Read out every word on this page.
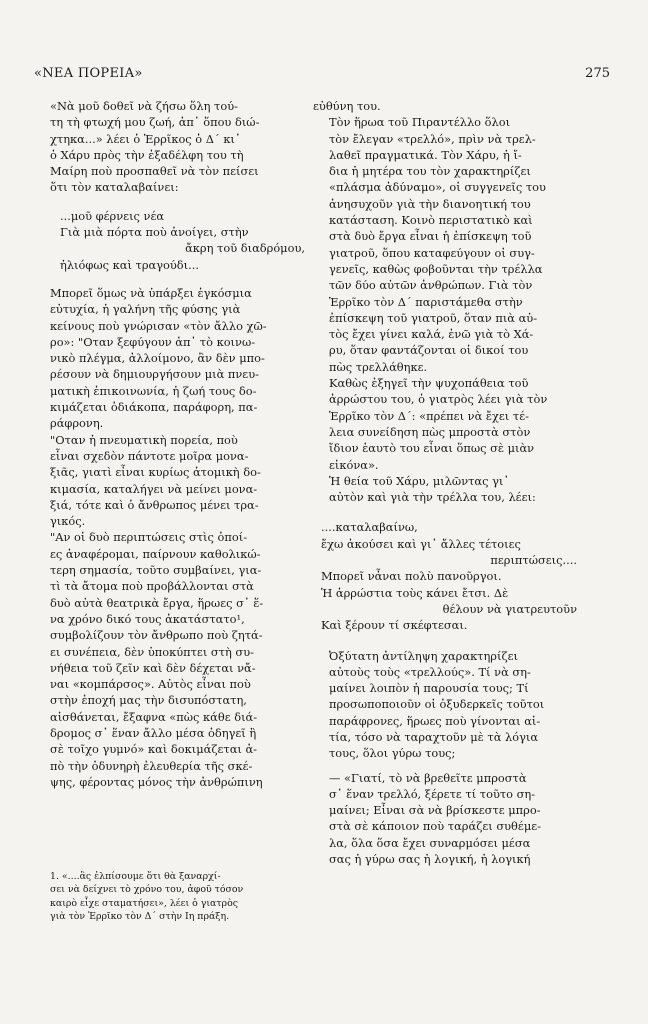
«ΝΕΑ ΠΟΡΕΙΑ»	275

«Νὰ μοῦ δοθεῖ νὰ ζήσω ὅλη τού-
τη τὴ φτωχή μου ζωή, ἀπ᾿ ὅπου διώ-
χτηκα...» λέει ὁ Ἑρρῖκος ὁ Δ΄ κι᾿
ὁ Χάρυ πρὸς τὴν ἐξαδέλφη του τὴ
Μαίρη ποὺ προσπαθεῖ νὰ τὸν πείσει
ὅτι τὸν καταλαβαίνει:

...μοῦ φέρνεις νέα
Γιὰ μιὰ πόρτα ποὺ ἀνοίγει, στὴν
ἄκρη τοῦ διαδρόμου,
ἠλιόφως καὶ τραγούδι...

Μπορεῖ ὅμως νὰ ὑπάρξει ἐγκόσμια
εὐτυχία, ἡ γαλήνη τῆς φύσης γιὰ
κείνους ποὺ γνώρισαν «τὸν ἄλλο χῶ-
ρο»: "Οταν ξεφύγουν ἀπ᾿ τὸ κοινω-
νικὸ πλέγμα, ἀλλοίμονο, ἂν δὲν μπο-
ρέσουν νὰ δημιουργήσουν μιὰ πνευ-
ματικὴ ἐπικοινωνία, ἡ ζωή τους δο-
κιμάζεται ὁδιάκοπα, παράφορη, πα-
ράφρονη.

"Οταν ἡ πνευματικὴ πορεία, ποὺ
εἶναι σχεδὸν πάντοτε μοῖρα μονα-
ξιᾶς, γιατὶ εἶναι κυρίως ἀτομικὴ δο-
κιμασία, καταλήγει νὰ μείνει μονα-
ξιά, τότε καὶ ὁ ἄνθρωπος μένει τρα-
γικός.

"Αν οἱ δυὸ περιπτώσεις στὶς ὁποί-
ες ἀναφέρομαι, παίρνουν καθολικώ-
τερη σημασία, τοῦτο συμβαίνει, για-
τὶ τὰ ἄτομα ποὺ προβάλλονται στὰ
δυὸ αὐτὰ θεατρικὰ ἔργα, ἥρωες σ᾿ ἕ-
να χρόνο δικό τους ἀκατάστατο¹,
συμβολίζουν τὸν ἄνθρωπο ποὺ ζητά-
ει συνέπεια, δὲν ὑποκύπτει στὴ συ-
νήθεια τοῦ ζεῖν καὶ δὲν δέχεται νἄ-
ναι «κομπάρσος». Αὐτὸς εἶναι ποὺ
στὴν ἐποχή μας τὴν δισυπόστατη,
αἰσθάνεται, ἔξαφνα «πὼς κάθε διά-
δρομος σ᾿ ἕναν ἄλλο μέσα ὁδηγεῖ ἢ
σὲ τοῖχο γυμνό» καὶ δοκιμάζεται ἀ-
πὸ τὴν ὀδυνηρὴ ἐλευθερία τῆς σκέ-
ψης, φέροντας μόνος τὴν ἀνθρώπινη

εὐθύνη του.

Τὸν ἥρωα τοῦ Πιραντέλλο ὅλοι
τὸν ἔλεγαν «τρελλό», πρὶν νὰ τρελ-
λαθεῖ πραγματικά. Τὸν Χάρυ, ἡ ἴ-
δια ἡ μητέρα του τὸν χαρακτηρίζει
«πλάσμα ἀδύναμο», οἱ συγγενεῖς του
ἀνησυχοῦν γιὰ τὴν διανοητική του
κατάσταση. Κοινὸ περιστατικὸ καὶ
στὰ δυὸ ἔργα εἶναι ἡ ἐπίσκεψη τοῦ
γιατροῦ, ὅπου καταφεύγουν οἱ συγ-
γενεῖς, καθὼς φοβοῦνται τὴν τρέλλα
τῶν δύο αὐτῶν ἀνθρώπων. Γιὰ τὸν
Ἑρρῖκο τὸν Δ΄ παριστάμεθα στὴν
ἐπίσκεψη τοῦ γιατροῦ, ὅταν πιὰ αὐ-
τὸς ἔχει γίνει καλά, ἐνῶ γιὰ τὸ Χά-
ρυ, ὅταν φαντάζονται οἱ δικοί του
πὼς τρελλάθηκε.

Καθὼς ἐξηγεῖ τὴν ψυχοπάθεια τοῦ
ἀρρώστου του, ὁ γιατρὸς λέει γιὰ τὸν
Ἑρρῖκο τὸν Δ΄: «πρέπει νὰ ἔχει τέ-
λεια συνείδηση πὼς μπροστὰ στὸν
ἴδιον ἑαυτὸ του εἶναι ὅπως σὲ μιὰν
εἰκόνα».

Ἡ θεία τοῦ Χάρυ, μιλῶντας γι᾿
αὐτὸν καὶ γιὰ τὴν τρέλλα του, λέει:

....καταλαβαίνω,
ἔχω ἀκούσει καὶ γι᾿ ἄλλες τέτοιες
περιπτώσεις....
Μπορεῖ νἆναι πολὺ πανοῦργοι.
Ἡ ἀρρώστια τοὺς κάνει ἔτσι. Δὲ
θέλουν νὰ γιατρευτοῦν
Καὶ ξέρουν τί σκέφτεσαι.

Ὀξύτατη ἀντίληψη χαρακτηρίζει
αὐτοὺς τοὺς «τρελλούς». Τί νὰ ση-
μαίνει λοιπὸν ἡ παρουσία τους; Τί
προσωποποιοῦν οἱ ὀξυδερκεῖς τοῦτοι
παράφρονες, ἥρωες ποὺ γίνονται αἰ-
τία, τόσο νὰ ταραχτοῦν μὲ τὰ λόγια
τους, ὅλοι γύρω τους;

— «Γιατί, τὸ νὰ βρεθεῖτε μπροστὰ
σ᾿ ἕναν τρελλό, ξέρετε τί τοῦτο ση-
μαίνει; Εἶναι σὰ νὰ βρίσκεστε μπρο-
στὰ σὲ κάποιον ποὺ ταράζει συθέμε-
λα, ὅλα ὅσα ἔχει συναρμόσει μέσα
σας ἡ γύρω σας ἡ λογική, ἡ λογική

1. «....ἂς ἐλπίσουμε ὅτι θὰ ξαναρχί-
σει νὰ δείχνει τὸ χρόνο του, ἀφοῦ τόσον
καιρὸ εἶχε σταματήσει», λέει ὁ γιατρὸς
γιὰ τὸν Ἑρρῖκο τὸν Δ΄ στὴν Ιη πράξη.
